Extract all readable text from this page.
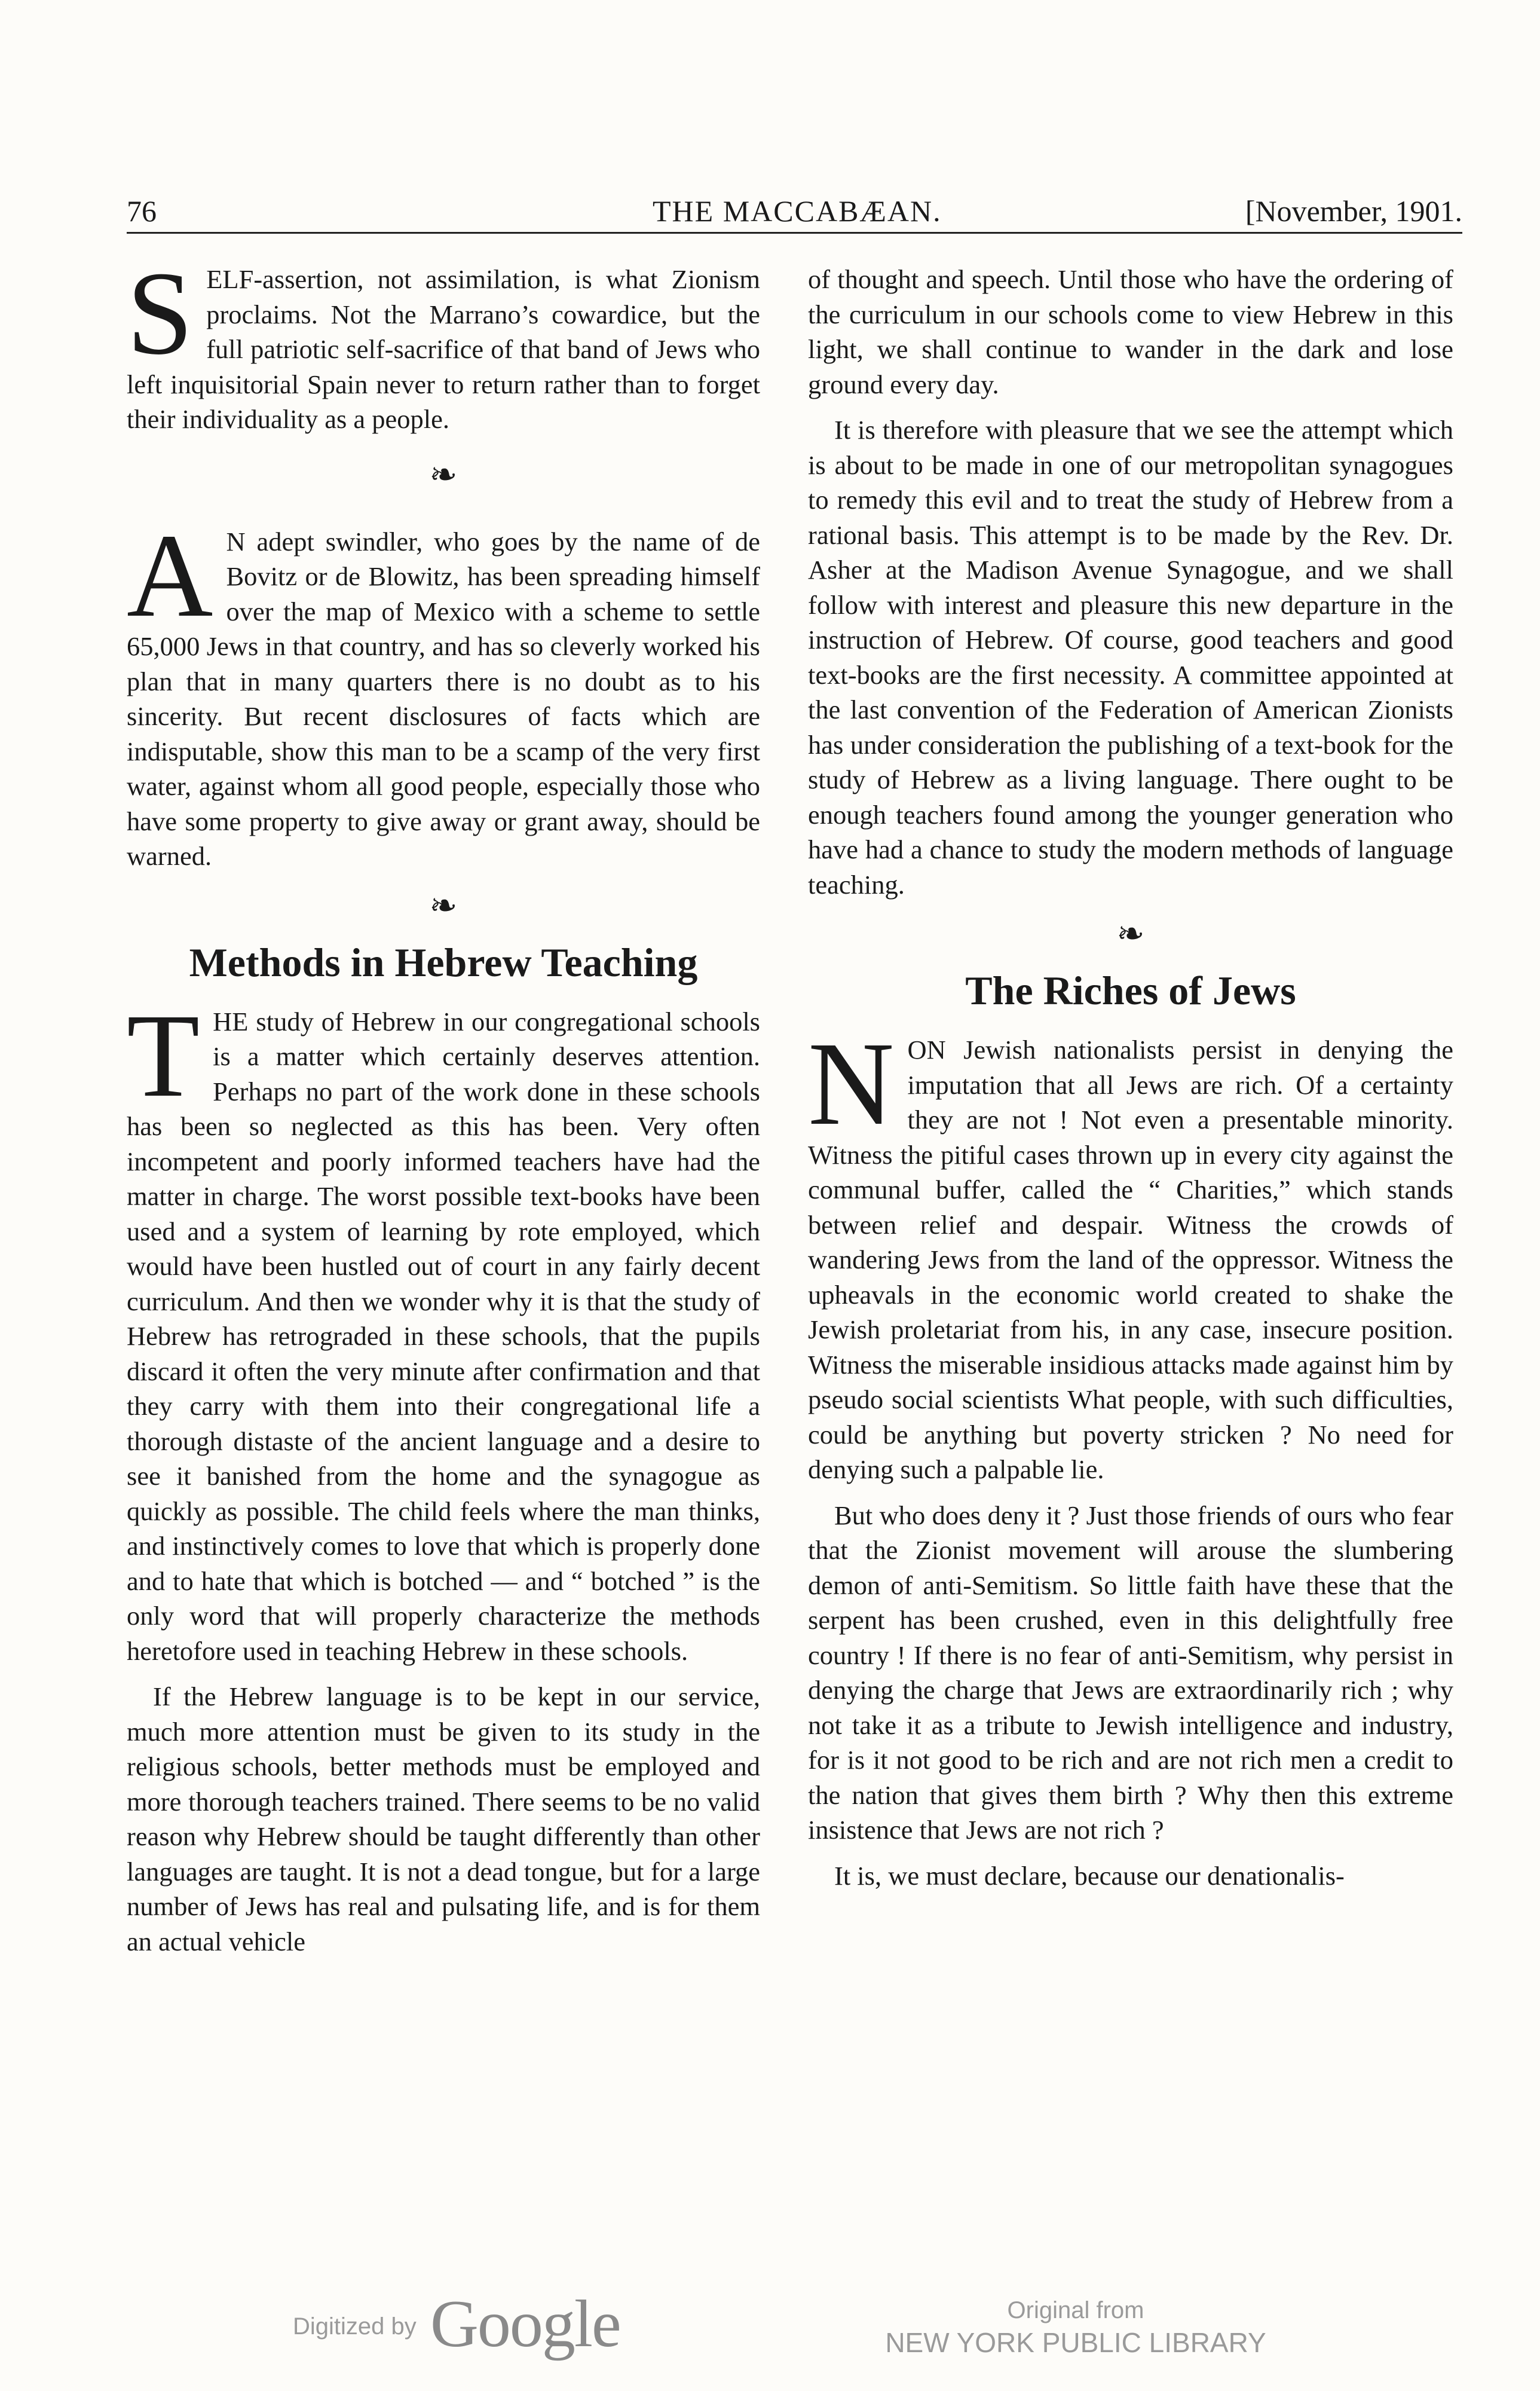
76	THE MACCABÆAN.	[November, 1901.

S ELF-assertion, not assimilation, is what Zionism proclaims. Not the Marrano’s cowardice, but the full patriotic self-sacrifice of that band of Jews who left inquisitorial Spain never to return rather than to forget their individuality as a people.

❧

A N adept swindler, who goes by the name of de Bovitz or de Blowitz, has been spreading himself over the map of Mexico with a scheme to settle 65,000 Jews in that country, and has so cleverly worked his plan that in many quarters there is no doubt as to his sincerity. But recent disclosures of facts which are indisputable, show this man to be a scamp of the very first water, against whom all good people, especially those who have some property to give away or grant away, should be warned.

❧
Methods in Hebrew Teaching

T HE study of Hebrew in our congregational schools is a matter which certainly deserves attention. Perhaps no part of the work done in these schools has been so neglected as this has been. Very often incompetent and poorly informed teachers have had the matter in charge. The worst possible text-books have been used and a system of learning by rote employed, which would have been hustled out of court in any fairly decent curriculum. And then we wonder why it is that the study of Hebrew has retrograded in these schools, that the pupils discard it often the very minute after confirmation and that they carry with them into their congregational life a thorough distaste of the ancient language and a desire to see it banished from the home and the synagogue as quickly as possible. The child feels where the man thinks, and instinctively comes to love that which is properly done and to hate that which is botched — and “ botched ” is the only word that will properly characterize the methods heretofore used in teaching Hebrew in these schools.

If the Hebrew language is to be kept in our service, much more attention must be given to its study in the religious schools, better methods must be employed and more thorough teachers trained. There seems to be no valid reason why Hebrew should be taught differently than other languages are taught. It is not a dead tongue, but for a large number of Jews has real and pulsating life, and is for them an actual vehicle

of thought and speech. Until those who have the ordering of the curriculum in our schools come to view Hebrew in this light, we shall continue to wander in the dark and lose ground every day.

It is therefore with pleasure that we see the attempt which is about to be made in one of our metropolitan synagogues to remedy this evil and to treat the study of Hebrew from a rational basis. This attempt is to be made by the Rev. Dr. Asher at the Madison Avenue Synagogue, and we shall follow with interest and pleasure this new departure in the instruction of Hebrew. Of course, good teachers and good text-books are the first necessity. A committee appointed at the last convention of the Federation of American Zionists has under consideration the publishing of a text-book for the study of Hebrew as a living language. There ought to be enough teachers found among the younger generation who have had a chance to study the modern methods of language teaching.

❧
The Riches of Jews

N ON Jewish nationalists persist in denying the imputation that all Jews are rich. Of a certainty they are not ! Not even a presentable minority. Witness the pitiful cases thrown up in every city against the communal buffer, called the “ Charities,” which stands between relief and despair. Witness the crowds of wandering Jews from the land of the oppressor. Witness the upheavals in the economic world created to shake the Jewish proletariat from his, in any case, insecure position. Witness the miserable insidious attacks made against him by pseudo social scientists What people, with such difficulties, could be anything but poverty stricken ? No need for denying such a palpable lie.

But who does deny it ? Just those friends of ours who fear that the Zionist movement will arouse the slumbering demon of anti-Semitism. So little faith have these that the serpent has been crushed, even in this delightfully free country ! If there is no fear of anti-Semitism, why persist in denying the charge that Jews are extraordinarily rich ; why not take it as a tribute to Jewish intelligence and industry, for is it not good to be rich and are not rich men a credit to the nation that gives them birth ? Why then this extreme insistence that Jews are not rich ?

It is, we must declare, because our denationalis-

Digitized by Google	Original from
NEW YORK PUBLIC LIBRARY
